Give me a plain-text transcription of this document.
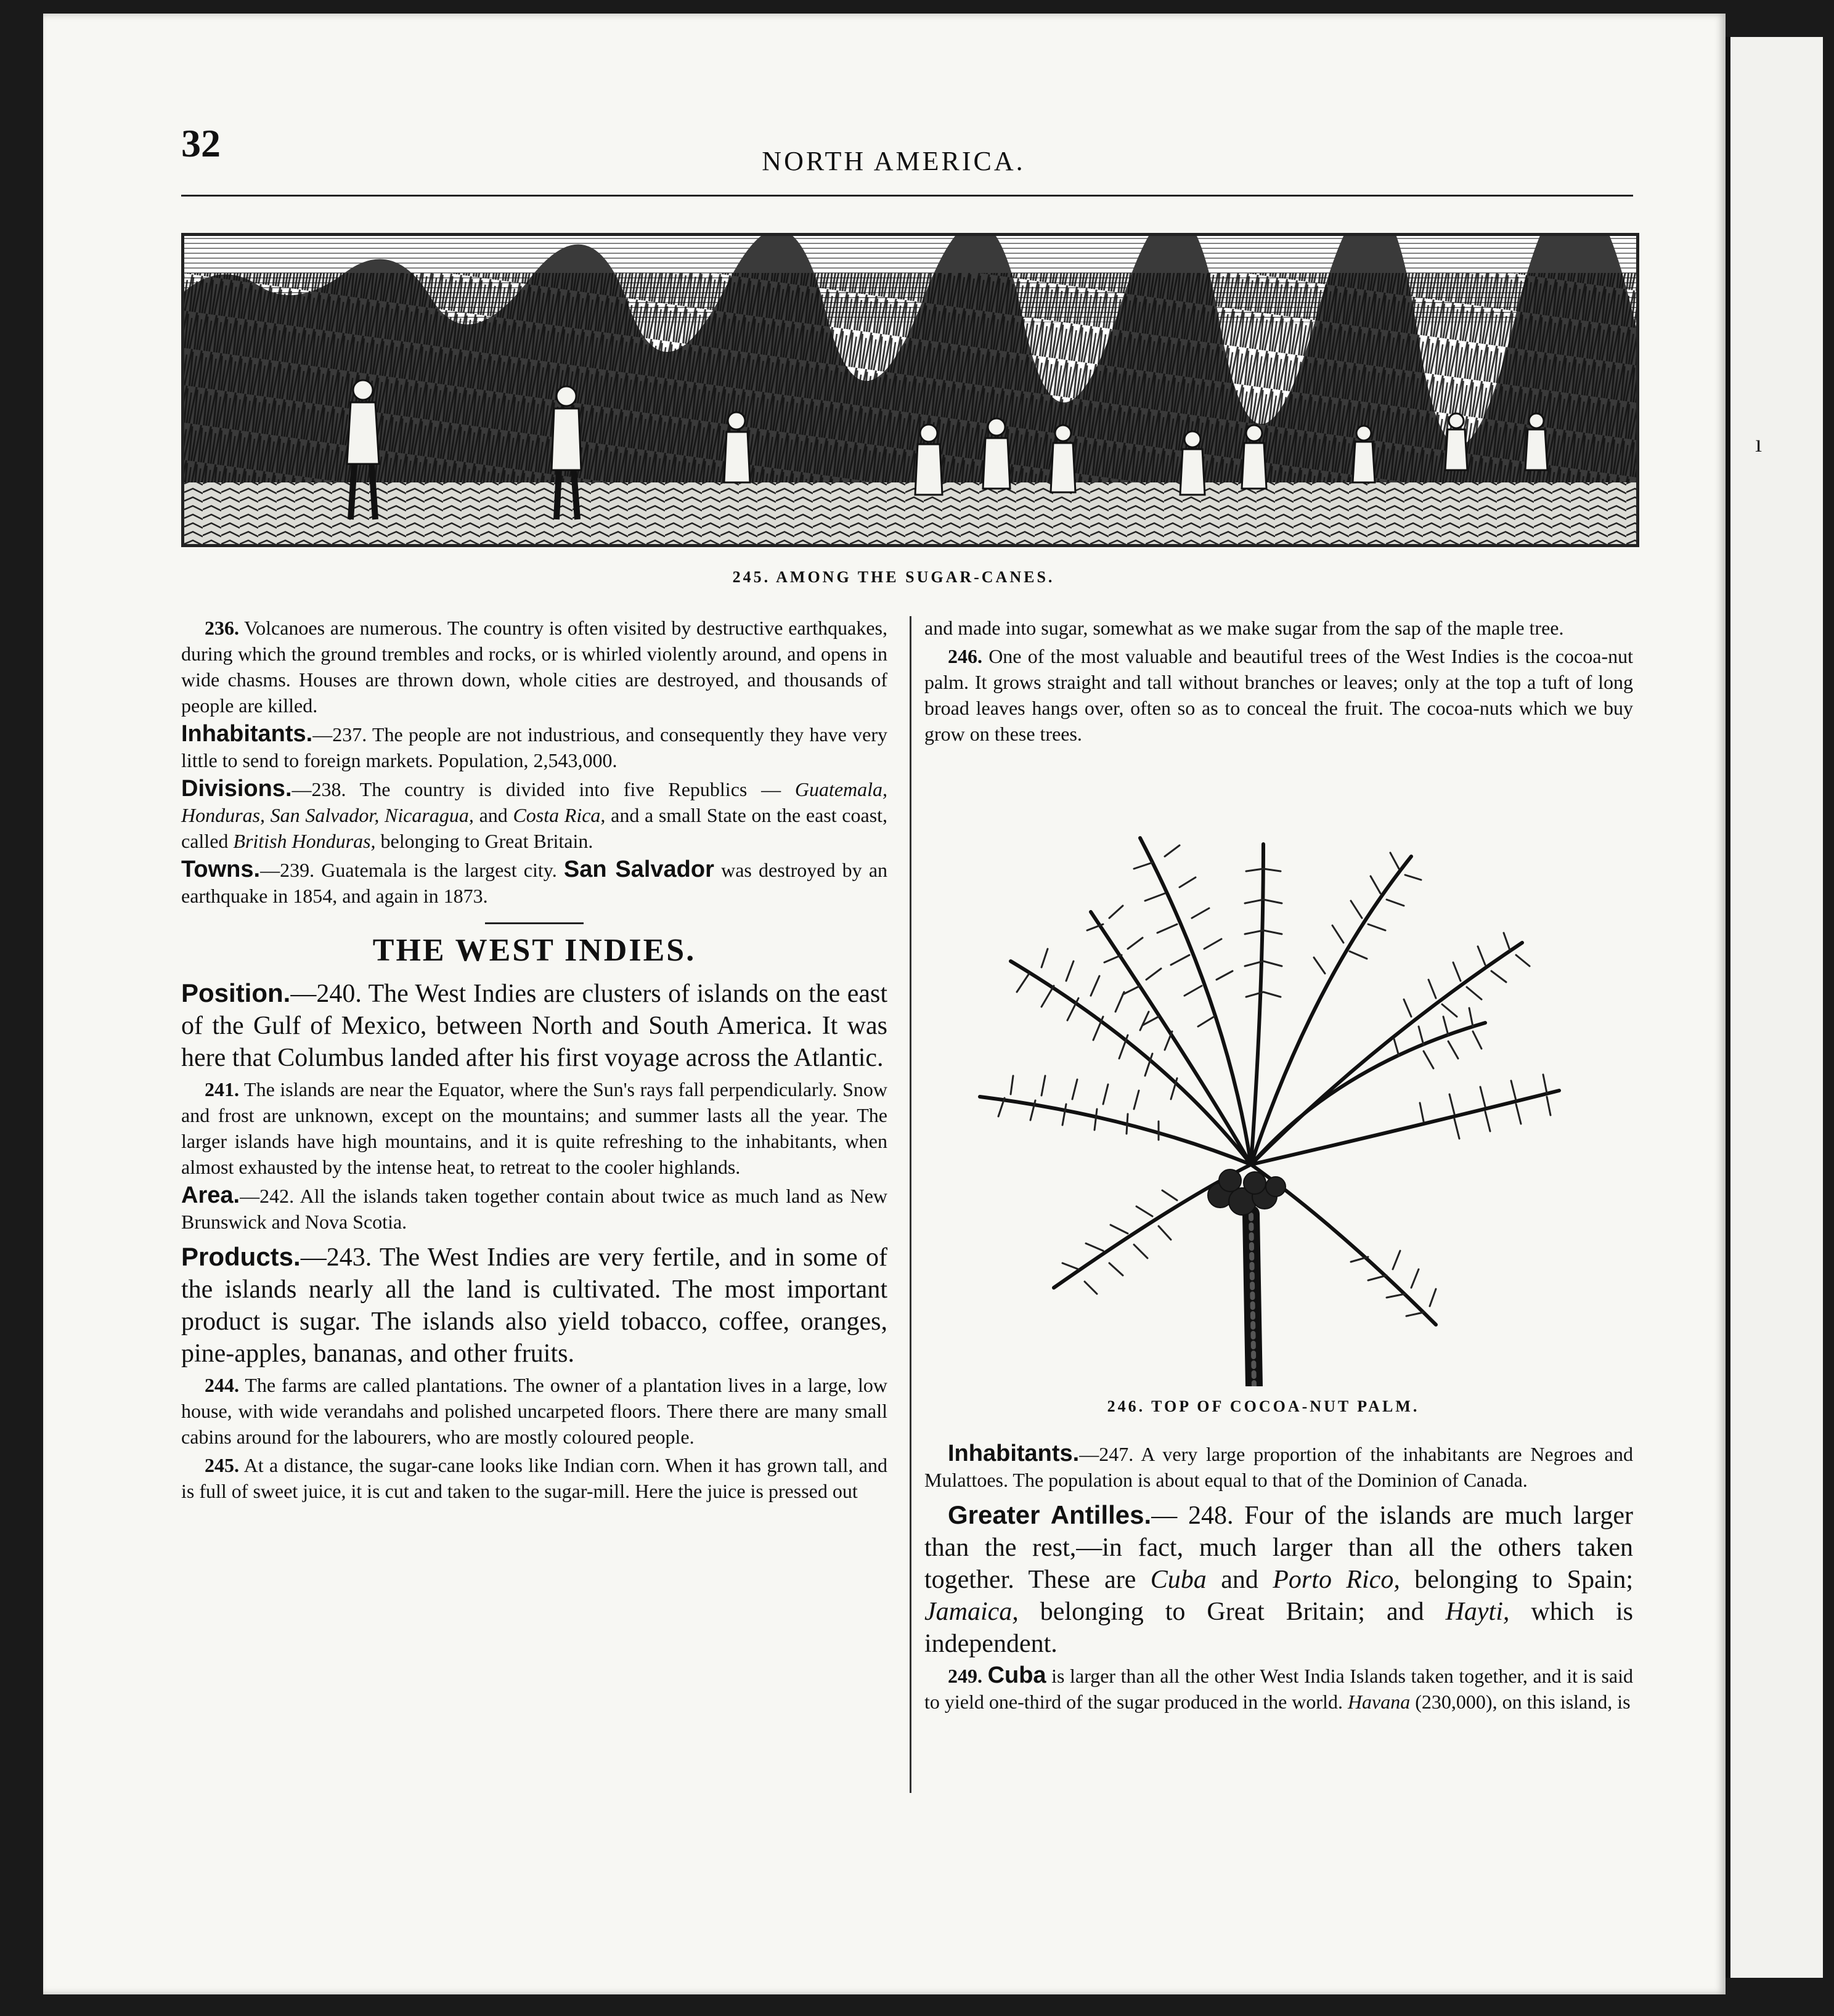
ı
32	NORTH AMERICA.
245. AMONG THE SUGAR-CANES.

236. Volcanoes are numerous. The country is often visited by destructive earthquakes, during which the ground trembles and rocks, or is whirled violently around, and opens in wide chasms. Houses are thrown down, whole cities are destroyed, and thousands of people are killed.

Inhabitants.—237. The people are not industrious, and consequently they have very little to send to foreign markets. Population, 2,543,000.

Divisions.—238. The country is divided into five Republics — Guatemala, Honduras, San Salvador, Nicaragua, and Costa Rica, and a small State on the east coast, called British Honduras, belonging to Great Britain.

Towns.—239. Guatemala is the largest city. San Salvador was destroyed by an earthquake in 1854, and again in 1873.

THE WEST INDIES.

Position.—240. The West Indies are clusters of islands on the east of the Gulf of Mexico, between North and South America. It was here that Columbus landed after his first voyage across the Atlantic.

241. The islands are near the Equator, where the Sun's rays fall perpendicularly. Snow and frost are unknown, except on the mountains; and summer lasts all the year. The larger islands have high mountains, and it is quite refreshing to the inhabitants, when almost exhausted by the intense heat, to retreat to the cooler highlands.

Area.—242. All the islands taken together contain about twice as much land as New Brunswick and Nova Scotia.

Products.—243. The West Indies are very fertile, and in some of the islands nearly all the land is cultivated. The most important product is sugar. The islands also yield tobacco, coffee, oranges, pine-apples, bananas, and other fruits.

244. The farms are called plantations. The owner of a plantation lives in a large, low house, with wide verandahs and polished uncarpeted floors. There there are many small cabins around for the labourers, who are mostly coloured people.

245. At a distance, the sugar-cane looks like Indian corn. When it has grown tall, and is full of sweet juice, it is cut and taken to the sugar-mill. Here the juice is pressed out

and made into sugar, somewhat as we make sugar from the sap of the maple tree.

246. One of the most valuable and beautiful trees of the West Indies is the cocoa-nut palm. It grows straight and tall without branches or leaves; only at the top a tuft of long broad leaves hangs over, often so as to conceal the fruit. The cocoa-nuts which we buy grow on these trees.

246. TOP OF COCOA-NUT PALM.

Inhabitants.—247. A very large proportion of the inhabitants are Negroes and Mulattoes. The population is about equal to that of the Dominion of Canada.

Greater Antilles.— 248. Four of the islands are much larger than the rest,—in fact, much larger than all the others taken together. These are Cuba and Porto Rico, belonging to Spain; Jamaica, belonging to Great Britain; and Hayti, which is independent.

249. Cuba is larger than all the other West India Islands taken together, and it is said to yield one-third of the sugar produced in the world. Havana (230,000), on this island, is
